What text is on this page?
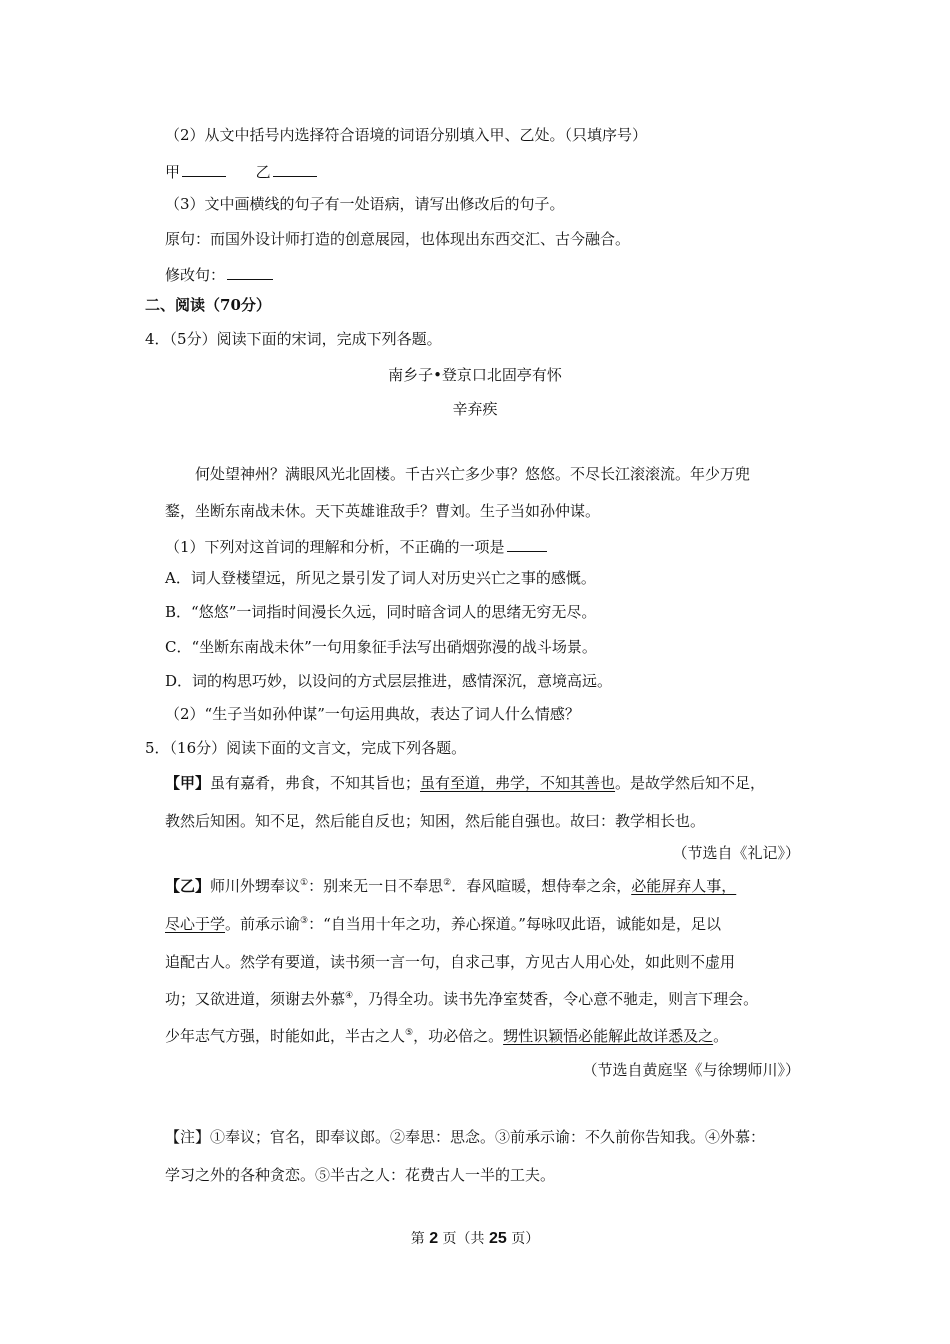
（2）从文中括号内选择符合语境的词语分别填入甲、乙处。（只填序号）
甲	乙
（3）文中画横线的句子有一处语病，请写出修改后的句子。
原句：而国外设计师打造的创意展园，也体现出东西交汇、古今融合。
修改句：
二、阅读（70分）
4．（5分）阅读下面的宋词，完成下列各题。
南乡子•登京口北固亭有怀
辛弃疾
何处望神州？满眼风光北固楼。千古兴亡多少事？悠悠。不尽长江滚滚流。年少万兜
鍪，坐断东南战未休。天下英雄谁敌手？曹刘。生子当如孙仲谋。
（1）下列对这首词的理解和分析，不正确的一项是
A．词人登楼望远，所见之景引发了词人对历史兴亡之事的感慨。
B．“悠悠”一词指时间漫长久远，同时暗含词人的思绪无穷无尽。
C．“坐断东南战未休”一句用象征手法写出硝烟弥漫的战斗场景。
D．词的构思巧妙，以设问的方式层层推进，感情深沉，意境高远。
（2）“生子当如孙仲谋”一句运用典故，表达了词人什么情感？
5．（16分）阅读下面的文言文，完成下列各题。
【甲】虽有嘉肴，弗食，不知其旨也；虽有至道，弗学，不知其善也。是故学然后知不足，
教然后知困。知不足，然后能自反也；知困，然后能自强也。故曰：教学相长也。
（节选自《礼记》）
【乙】师川外甥奉议①：别来无一日不奉思②．春风暄暖，想侍奉之余，必能屏弃人事，
尽心于学。前承示谕③：“自当用十年之功，养心探道。”每咏叹此语，诚能如是，足以
追配古人。然学有要道，读书须一言一句，自求己事，方见古人用心处，如此则不虚用
功；又欲进道，须谢去外慕④，乃得全功。读书先净室焚香，令心意不驰走，则言下理会。
少年志气方强，时能如此，半古之人⑤，功必倍之。甥性识颖悟必能解此故详悉及之。
（节选自黄庭坚《与徐甥师川》）
【注】①奉议；官名，即奉议郎。②奉思：思念。③前承示谕：不久前你告知我。④外慕：
学习之外的各种贪恋。⑤半古之人：花费古人一半的工夫。
第 2 页（共 25 页）
